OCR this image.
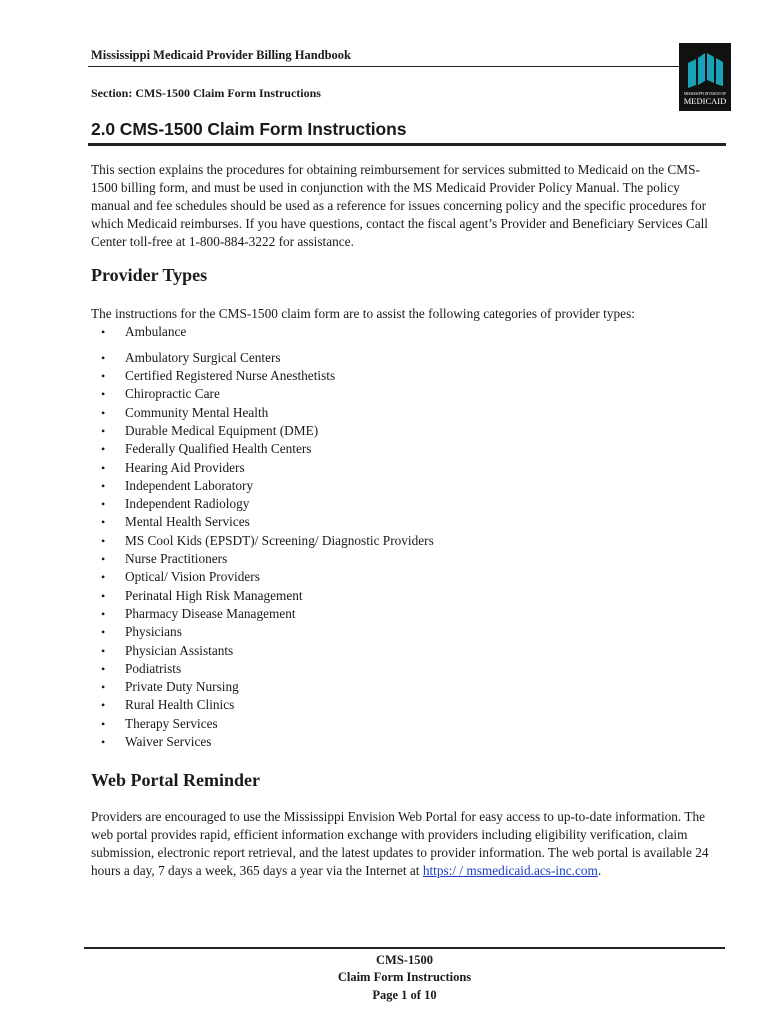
Mississippi Medicaid Provider Billing Handbook
Section: CMS-1500 Claim Form Instructions	MISSISSIPPI DIVISION OF
MEDICAID
2.0 CMS-1500 Claim Form Instructions
This section explains the procedures for obtaining reimbursement for services submitted to Medicaid on the CMS-1500 billing form, and must be used in conjunction with the MS Medicaid Provider Policy Manual. The policy manual and fee schedules should be used as a reference for issues concerning policy and the specific procedures for which Medicaid reimburses. If you have questions, contact the fiscal agent’s Provider and Beneficiary Services Call Center toll-free at 1-800-884-3222 for assistance.
Provider Types
The instructions for the CMS-1500 claim form are to assist the following categories of provider types:
• Ambulance
• Ambulatory Surgical Centers
• Certified Registered Nurse Anesthetists
• Chiropractic Care
• Community Mental Health
• Durable Medical Equipment (DME)
• Federally Qualified Health Centers
• Hearing Aid Providers
• Independent Laboratory
• Independent Radiology
• Mental Health Services
• MS Cool Kids (EPSDT)/ Screening/ Diagnostic Providers
• Nurse Practitioners
• Optical/ Vision Providers
• Perinatal High Risk Management
• Pharmacy Disease Management
• Physicians
• Physician Assistants
• Podiatrists
• Private Duty Nursing
• Rural Health Clinics
• Therapy Services
• Waiver Services
Web Portal Reminder
Providers are encouraged to use the Mississippi Envision Web Portal for easy access to up-to-date information. The web portal provides rapid, efficient information exchange with providers including eligibility verification, claim submission, electronic report retrieval, and the latest updates to provider information. The web portal is available 24 hours a day, 7 days a week, 365 days a year via the Internet at https:/ / msmedicaid.acs-inc.com.
CMS-1500
Claim Form Instructions
Page 1 of 10
